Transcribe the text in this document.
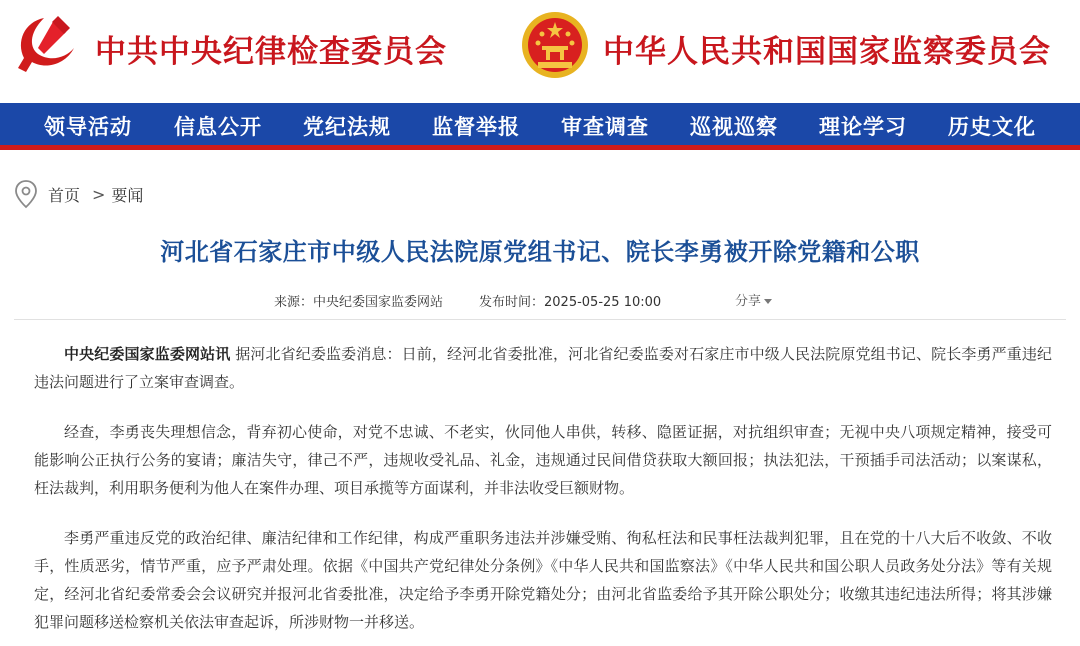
中共中央纪律检查委员会	中华人民共和国国家监察委员会
领导活动 信息公开 党纪法规 监督举报 审查调查 巡视巡察 理论学习 历史文化
首页 > 要闻
河北省石家庄市中级人民法院原党组书记、院长李勇被开除党籍和公职
来源：中央纪委国家监委网站	发布时间：2025-05-25 10:00	分享

中央纪委国家监委网站讯 据河北省纪委监委消息：日前，经河北省委批准，河北省纪委监委对石家庄市中级人民法院原党组书记、院长李勇严重违纪违法问题进行了立案审查调查。

经查，李勇丧失理想信念，背弃初心使命，对党不忠诚、不老实，伙同他人串供，转移、隐匿证据，对抗组织审查；无视中央八项规定精神，接受可能影响公正执行公务的宴请；廉洁失守，律己不严，违规收受礼品、礼金，违规通过民间借贷获取大额回报；执法犯法，干预插手司法活动；以案谋私，枉法裁判，利用职务便利为他人在案件办理、项目承揽等方面谋利，并非法收受巨额财物。

李勇严重违反党的政治纪律、廉洁纪律和工作纪律，构成严重职务违法并涉嫌受贿、徇私枉法和民事枉法裁判犯罪，且在党的十八大后不收敛、不收手，性质恶劣，情节严重，应予严肃处理。依据《中国共产党纪律处分条例》《中华人民共和国监察法》《中华人民共和国公职人员政务处分法》等有关规定，经河北省纪委常委会会议研究并报河北省委批准，决定给予李勇开除党籍处分；由河北省监委给予其开除公职处分；收缴其违纪违法所得；将其涉嫌犯罪问题移送检察机关依法审查起诉，所涉财物一并移送。
